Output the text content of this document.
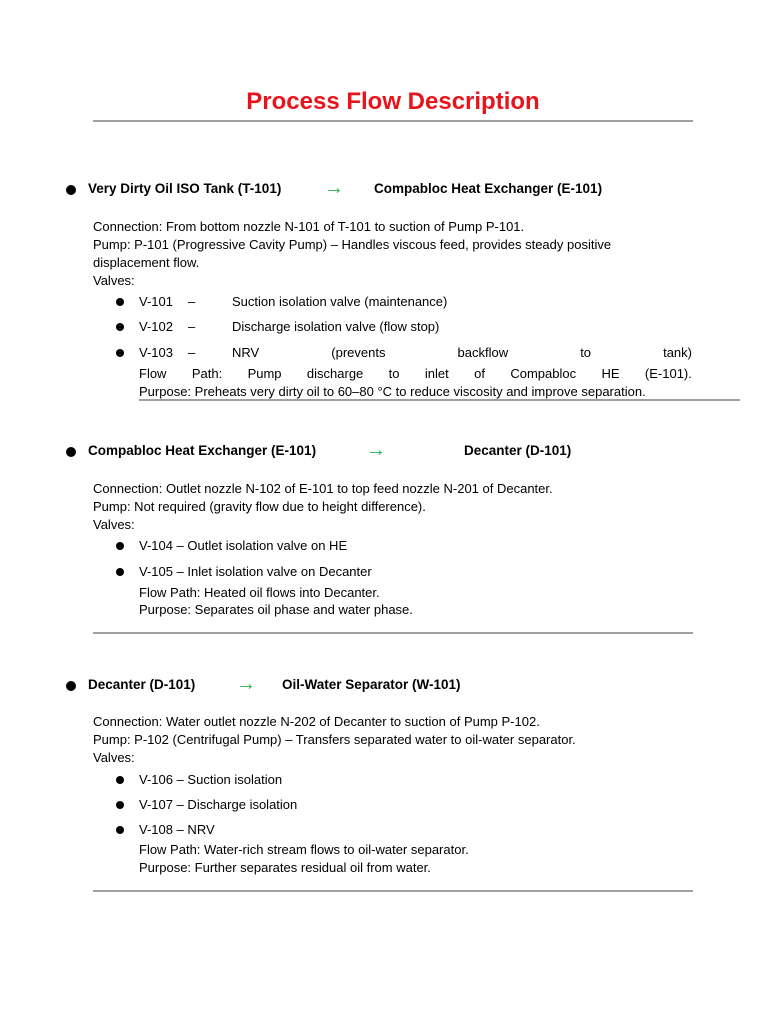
Process Flow Description
Very Dirty Oil ISO Tank (T-101) → Compabloc Heat Exchanger (E-101)
Connection: From bottom nozzle N-101 of T-101 to suction of Pump P-101.
Pump: P-101 (Progressive Cavity Pump) – Handles viscous feed, provides steady positive
displacement flow.
Valves:
V-101 –	Suction isolation valve (maintenance)
V-102 –	Discharge isolation valve (flow stop)
V-103 –	NRV	(prevents	backflow	to	tank)
Flow Path: Pump discharge to inlet of Compabloc HE (E-101).
Purpose: Preheats very dirty oil to 60–80 °C to reduce viscosity and improve separation.
Compabloc Heat Exchanger (E-101) →	Decanter (D-101)
Connection: Outlet nozzle N-102 of E-101 to top feed nozzle N-201 of Decanter.
Pump: Not required (gravity flow due to height difference).
Valves:
V-104 – Outlet isolation valve on HE
V-105 – Inlet isolation valve on Decanter
Flow Path: Heated oil flows into Decanter.
Purpose: Separates oil phase and water phase.
Decanter (D-101) → Oil-Water Separator (W-101)
Connection: Water outlet nozzle N-202 of Decanter to suction of Pump P-102.
Pump: P-102 (Centrifugal Pump) – Transfers separated water to oil-water separator.
Valves:
V-106 – Suction isolation
V-107 – Discharge isolation
V-108 – NRV
Flow Path: Water-rich stream flows to oil-water separator.
Purpose: Further separates residual oil from water.
